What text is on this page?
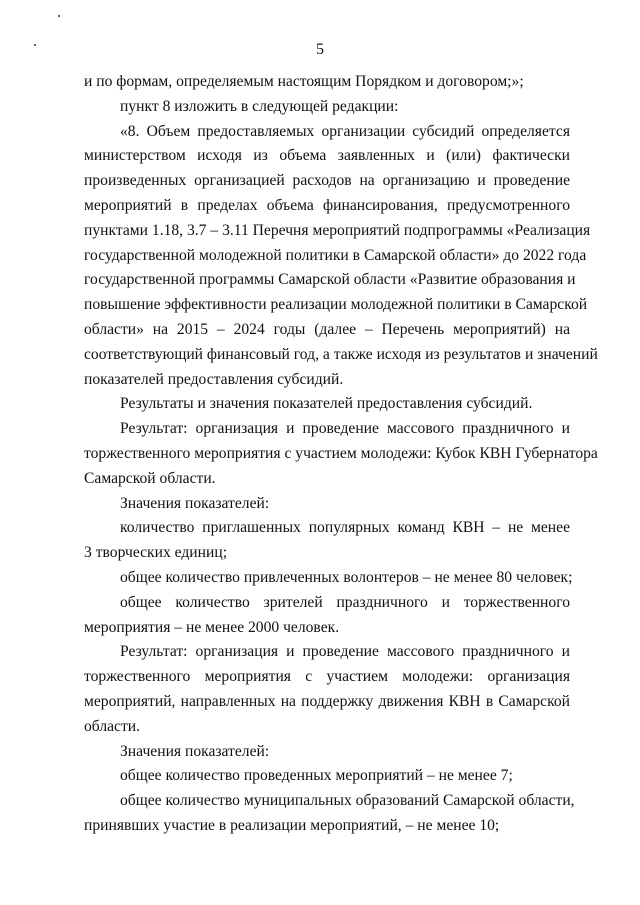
5
и по формам, определяемым настоящим Порядком и договором;»;
пункт 8 изложить в следующей редакции:
«8. Объем предоставляемых организации субсидий определяется
министерством исходя из объема заявленных и (или) фактически
произведенных организацией расходов на организацию и проведение
мероприятий в пределах объема финансирования, предусмотренного
пунктами 1.18, 3.7 – 3.11 Перечня мероприятий подпрограммы «Реализация
государственной молодежной политики в Самарской области» до 2022 года
государственной программы Самарской области «Развитие образования и
повышение эффективности реализации молодежной политики в Самарской
области» на 2015 – 2024 годы (далее – Перечень мероприятий) на
соответствующий финансовый год, а также исходя из результатов и значений
показателей предоставления субсидий.
Результаты и значения показателей предоставления субсидий.
Результат: организация и проведение массового праздничного и
торжественного мероприятия с участием молодежи: Кубок КВН Губернатора
Самарской области.
Значения показателей:
количество приглашенных популярных команд КВН – не менее
3 творческих единиц;
общее количество привлеченных волонтеров – не менее 80 человек;
общее количество зрителей праздничного и торжественного
мероприятия – не менее 2000 человек.
Результат: организация и проведение массового праздничного и
торжественного мероприятия с участием молодежи: организация
мероприятий, направленных на поддержку движения КВН в Самарской
области.
Значения показателей:
общее количество проведенных мероприятий – не менее 7;
общее количество муниципальных образований Самарской области,
принявших участие в реализации мероприятий, – не менее 10;
